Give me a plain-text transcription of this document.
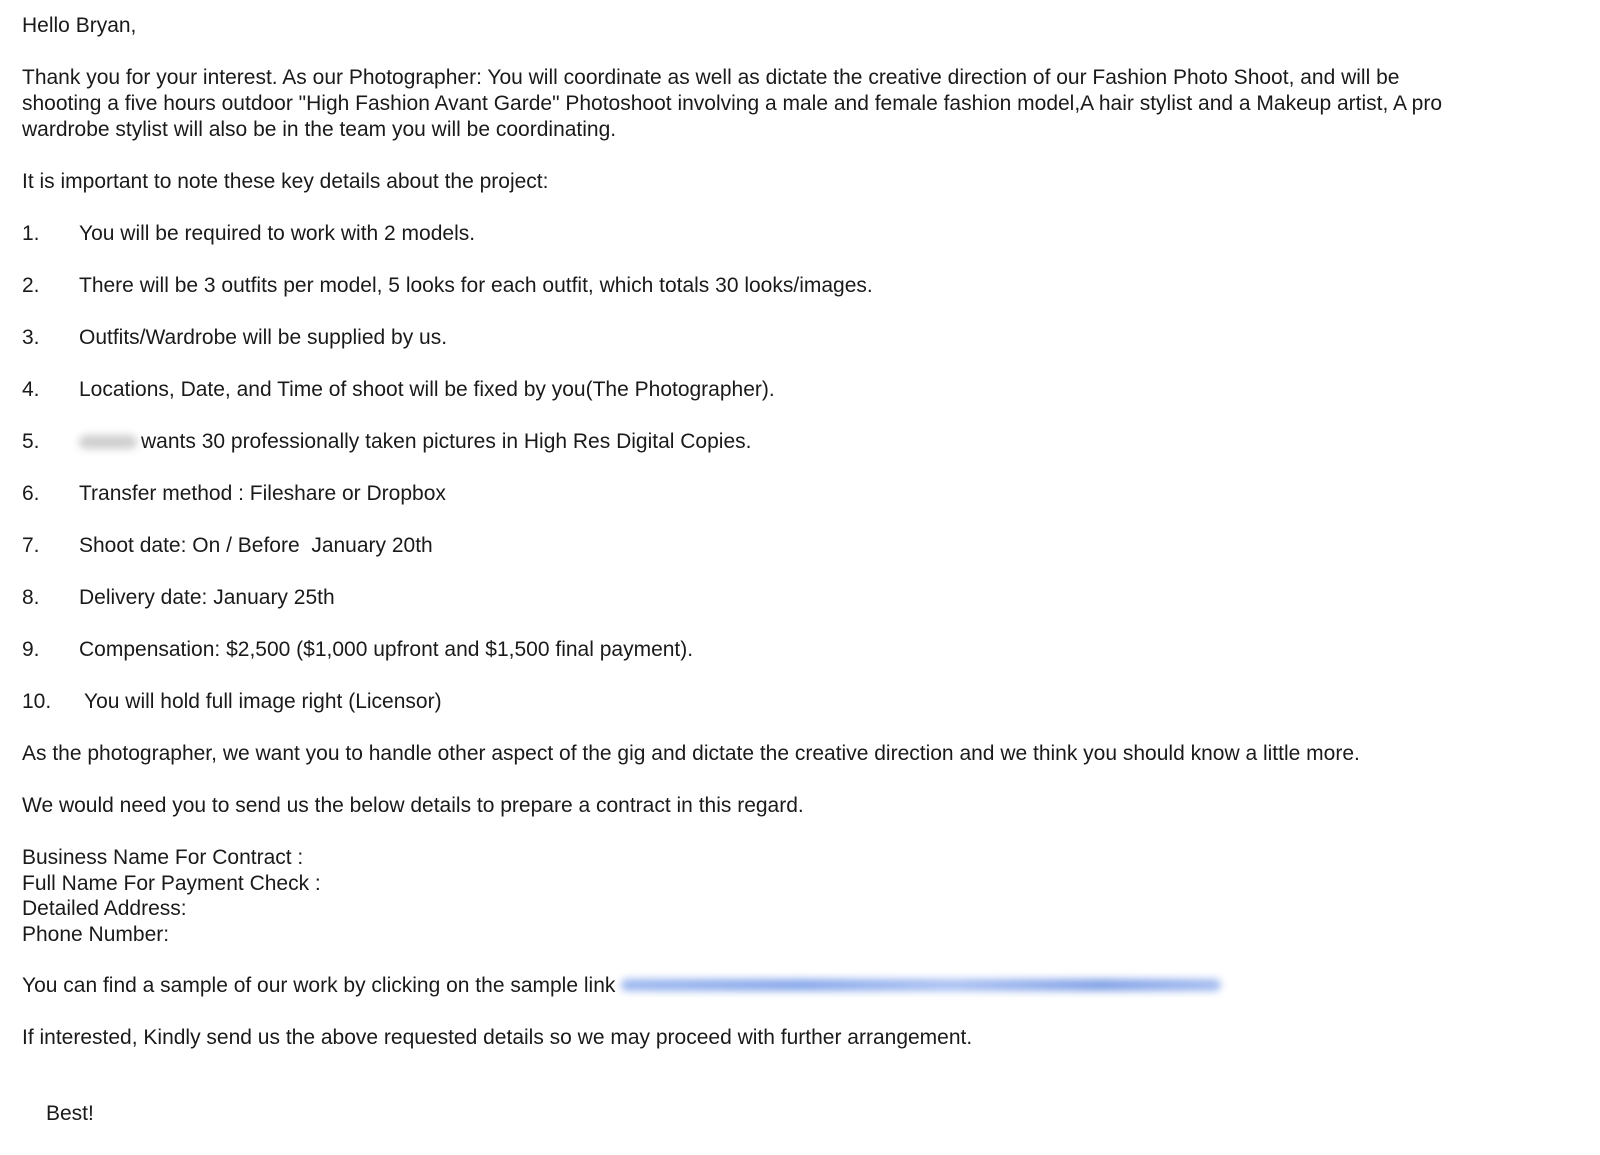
Hello Bryan,

Thank you for your interest. As our Photographer: You will coordinate as well as dictate the creative direction of our Fashion Photo Shoot, and will be

shooting a five hours outdoor "High Fashion Avant Garde" Photoshoot involving a male and female fashion model,A hair stylist and a Makeup artist, A pro

wardrobe stylist will also be in the team you will be coordinating.

It is important to note these key details about the project:

1.	You will be required to work with 2 models.
2.	There will be 3 outfits per model, 5 looks for each outfit, which totals 30 looks/images.
3.	Outfits/Wardrobe will be supplied by us.
4.	Locations, Date, and Time of shoot will be fixed by you(The Photographer).
5.	wants 30 professionally taken pictures in High Res Digital Copies.
6.	Transfer method : Fileshare or Dropbox
7.	Shoot date: On / Before  January 20th
8.	Delivery date: January 25th
9.	Compensation: $2,500 ($1,000 upfront and $1,500 final payment).
10.	You will hold full image right (Licensor)

As the photographer, we want you to handle other aspect of the gig and dictate the creative direction and we think you should know a little more.

We would need you to send us the below details to prepare a contract in this regard.

Business Name For Contract :

Full Name For Payment Check :

Detailed Address:

Phone Number:

You can find a sample of our work by clicking on the sample link

If interested, Kindly send us the above requested details so we may proceed with further arrangement.

Best!
